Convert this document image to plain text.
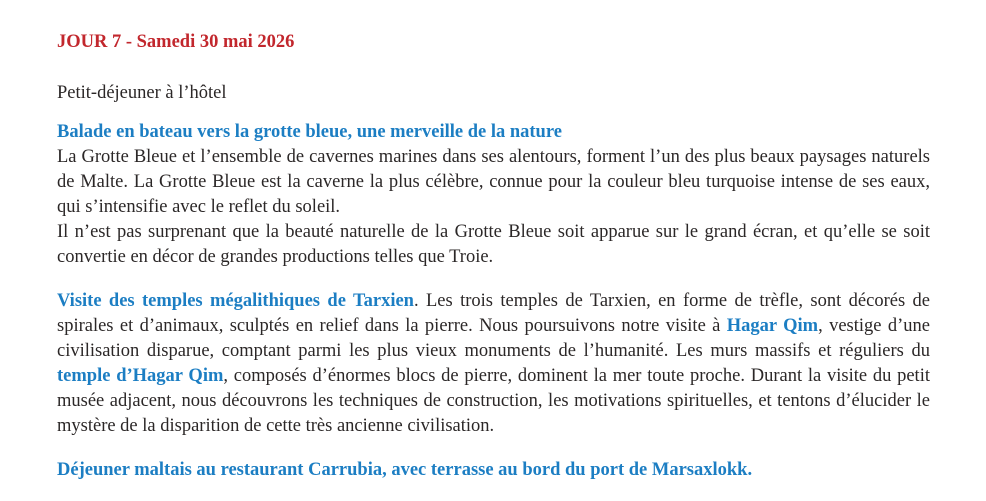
JOUR 7 - Samedi 30 mai 2026

Petit-déjeuner à l’hôtel

Balade en bateau vers la grotte bleue, une merveille de la nature

La Grotte Bleue et l’ensemble de cavernes marines dans ses alentours, forment l’un des plus beaux paysages naturels de Malte. La Grotte Bleue est la caverne la plus célèbre, connue pour la couleur bleu turquoise intense de ses eaux, qui s’intensifie avec le reflet du soleil.

Il n’est pas surprenant que la beauté naturelle de la Grotte Bleue soit apparue sur le grand écran, et qu’elle se soit convertie en décor de grandes productions telles que Troie.

Visite des temples mégalithiques de Tarxien. Les trois temples de Tarxien, en forme de trèfle, sont décorés de spirales et d’animaux, sculptés en relief dans la pierre. Nous poursuivons notre visite à Hagar Qim, vestige d’une civilisation disparue, comptant parmi les plus vieux monuments de l’humanité. Les murs massifs et réguliers du temple d’Hagar Qim, composés d’énormes blocs de pierre, dominent la mer toute proche. Durant la visite du petit musée adjacent, nous découvrons les techniques de construction, les motivations spirituelles, et tentons d’élucider le mystère de la disparition de cette très ancienne civilisation.

Déjeuner maltais au restaurant Carrubia, avec terrasse au bord du port de Marsaxlokk.
